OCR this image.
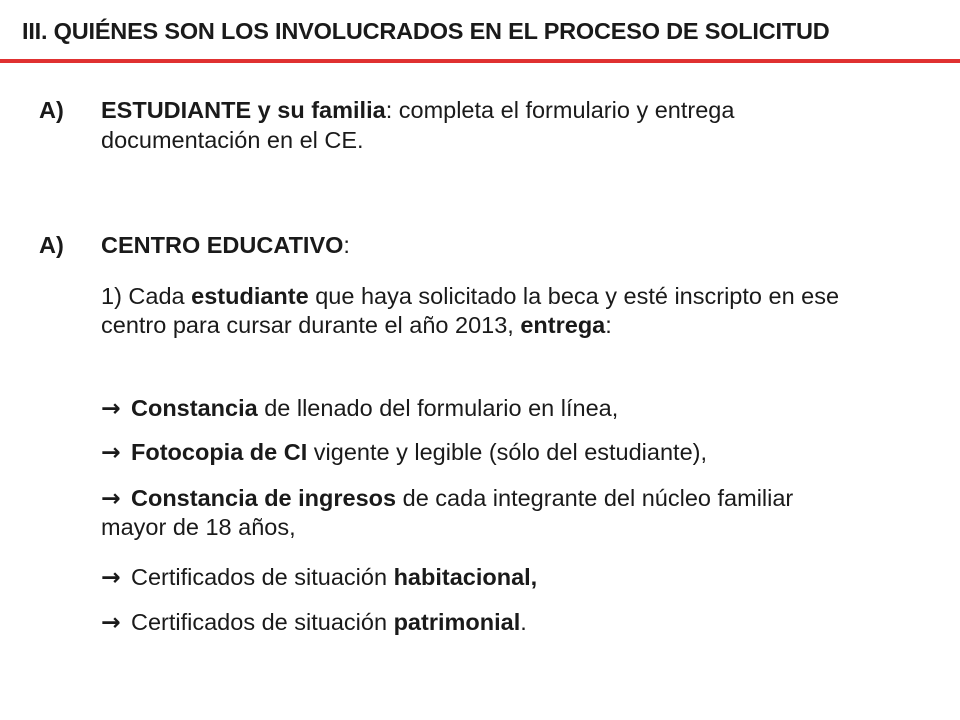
III. QUIÉNES SON LOS INVOLUCRADOS EN EL PROCESO DE SOLICITUD
A)	ESTUDIANTE y su familia: completa el formulario y entrega documentación en el CE.
A)	CENTRO EDUCATIVO:
1) Cada estudiante que haya solicitado la beca y esté inscripto en ese centro para cursar durante el año 2013, entrega:
→ Constancia de llenado del formulario en línea,
→ Fotocopia de CI vigente y legible (sólo del estudiante),
→ Constancia de ingresos de cada integrante del núcleo familiar mayor de 18 años,
→ Certificados de situación habitacional,
→ Certificados de situación patrimonial.
